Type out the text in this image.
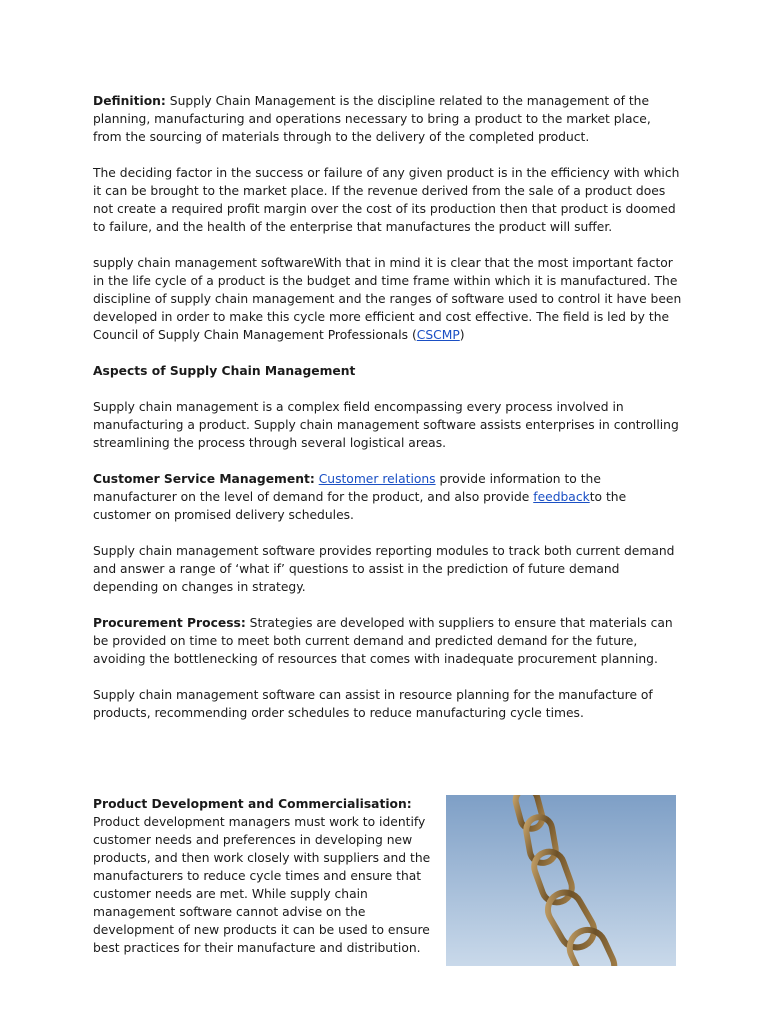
Definition: Supply Chain Management is the discipline related to the management of the planning, manufacturing and operations necessary to bring a product to the market place, from the sourcing of materials through to the delivery of the completed product.

The deciding factor in the success or failure of any given product is in the efficiency with which it can be brought to the market place. If the revenue derived from the sale of a product does not create a required profit margin over the cost of its production then that product is doomed to failure, and the health of the enterprise that manufactures the product will suffer.

supply chain management softwareWith that in mind it is clear that the most important factor in the life cycle of a product is the budget and time frame within which it is manufactured. The discipline of supply chain management and the ranges of software used to control it have been developed in order to make this cycle more efficient and cost effective. The field is led by the Council of Supply Chain Management Professionals (CSCMP)

Aspects of Supply Chain Management

Supply chain management is a complex field encompassing every process involved in manufacturing a product. Supply chain management software assists enterprises in controlling streamlining the process through several logistical areas.

Customer Service Management: Customer relations provide information to the manufacturer on the level of demand for the product, and also provide feedbackto the customer on promised delivery schedules.

Supply chain management software provides reporting modules to track both current demand and answer a range of ‘what if’ questions to assist in the prediction of future demand depending on changes in strategy.

Procurement Process: Strategies are developed with suppliers to ensure that materials can be provided on time to meet both current demand and predicted demand for the future, avoiding the bottlenecking of resources that comes with inadequate procurement planning.

Supply chain management software can assist in resource planning for the manufacture of products, recommending order schedules to reduce manufacturing cycle times.

Product Development and Commercialisation: Product development managers must work to identify customer needs and preferences in developing new products, and then work closely with suppliers and the manufacturers to reduce cycle times and ensure that customer needs are met. While supply chain management software cannot advise on the development of new products it can be used to ensure best practices for their manufacture and distribution.
